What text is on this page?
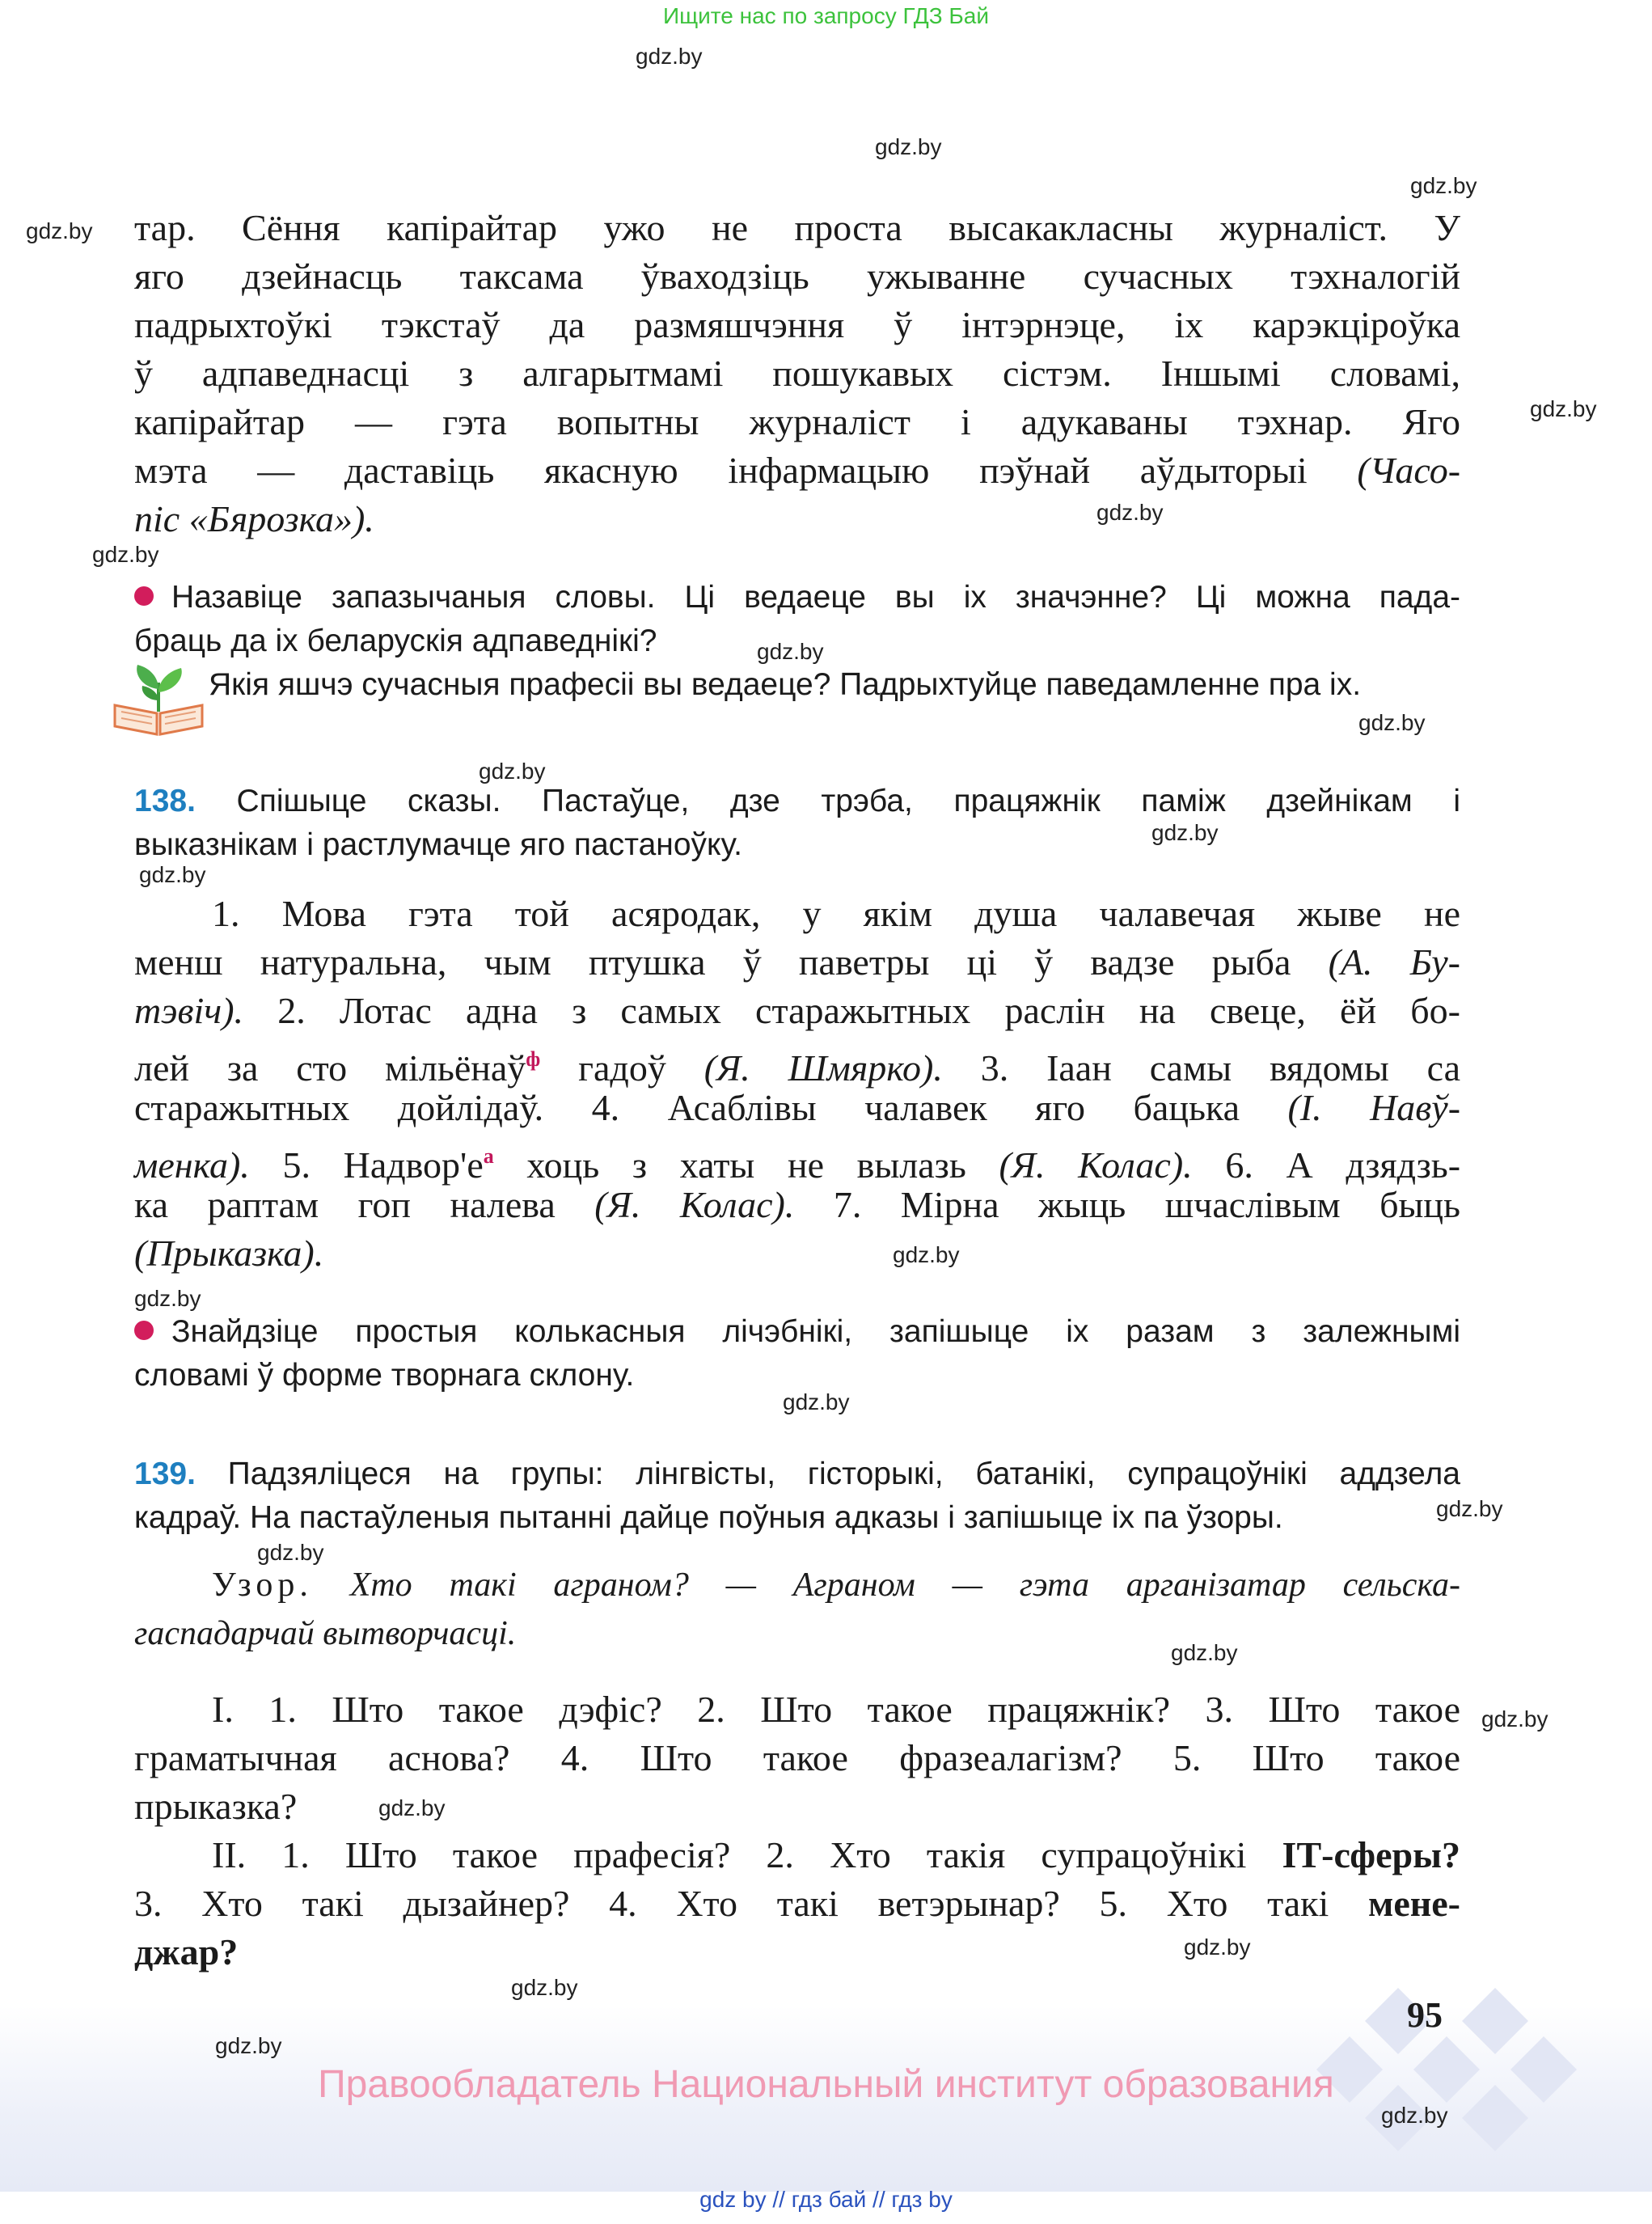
Ищите нас по запросу ГДЗ Бай
gdz.by
gdz.by
gdz.by
gdz.by
gdz.by
gdz.by
gdz.by
gdz.by
gdz.by
gdz.by
gdz.by
gdz.by
gdz.by
gdz.by
gdz.by
gdz.by
gdz.by
gdz.by
gdz.by
gdz.by
gdz.by
gdz.by
gdz.by
gdz.by
тар. Сёння капірайтар ужо не проста высакакласны журналіст. У
яго дзейнасць таксама ўваходзіць ужыванне сучасных тэхналогій
падрыхтоўкі тэкстаў да размяшчэння ў інтэрнэце, іх карэкціроўка
ў адпаведнасці з алгарытмамі пошукавых сістэм. Іншымі словамі,
капірайтар — гэта вопытны журналіст і адукаваны тэхнар. Яго
мэта — даставіць якасную інфармацыю пэўнай аўдыторыі (Часо-
піс «Бярозка»).
Назавіце запазычаныя словы. Ці ведаеце вы іх значэнне? Ці можна пада-
браць да іх беларускія адпаведнікі?
Якія яшчэ сучасныя прафесіі вы ведаеце? Падрыхтуйце паведамленне пра іх.
138. Спішыце сказы. Пастаўце, дзе трэба, працяжнік паміж дзейнікам і
выказнікам і растлумачце яго пастаноўку.
1. Мова гэта той асяродак, у якім душа чалавечая жыве не
менш натуральна, чым птушка ў паветры ці ў вадзе рыба (А. Бу-
тэвіч). 2. Лотас адна з самых старажытных раслін на свеце, ёй бо-
лей за сто мільёнаў$^ф$ гадоў (Я. Шмярко). 3. Іаан самы вядомы са
старажытных дойлідаў. 4. Асаблівы чалавек яго бацька (І. Навў-
менка). 5. $Надвор'е^а$ хоць з хаты не вылазь (Я. Колас). 6. А дзядзь-
ка раптам гоп налева (Я. Колас). 7. Мірна жыць шчаслівым быць
(Прыказка).
Знайдзіце простыя колькасныя лічэбнікі, запішыце іх разам з залежнымі
словамі ў форме творнага склону.
139. Падзяліцеся на групы: лінгвісты, гісторыкі, батанікі, супрацоўнікі аддзела
кадраў. На пастаўленыя пытанні дайце поўныя адказы і запішыце іх па ўзоры.
Узор. Хто такі аграном? — Аграном — гэта арганізатар сельска-
гаспадарчай вытворчасці.
І. 1. Што такое дэфіс? 2. Што такое працяжнік? 3. Што такое
граматычная аснова? 4. Што такое фразеалагізм? 5. Што такое
прыказка?
ІІ. 1. Што такое прафесія? 2. Хто такія супрацоўнікі ІТ-сферы?
3. Хто такі дызайнер? 4. Хто такі ветэрынар? 5. Хто такі мене-
джар?
95
Правообладатель Национальный институт образования
gdz by // гдз бай // гдз by
